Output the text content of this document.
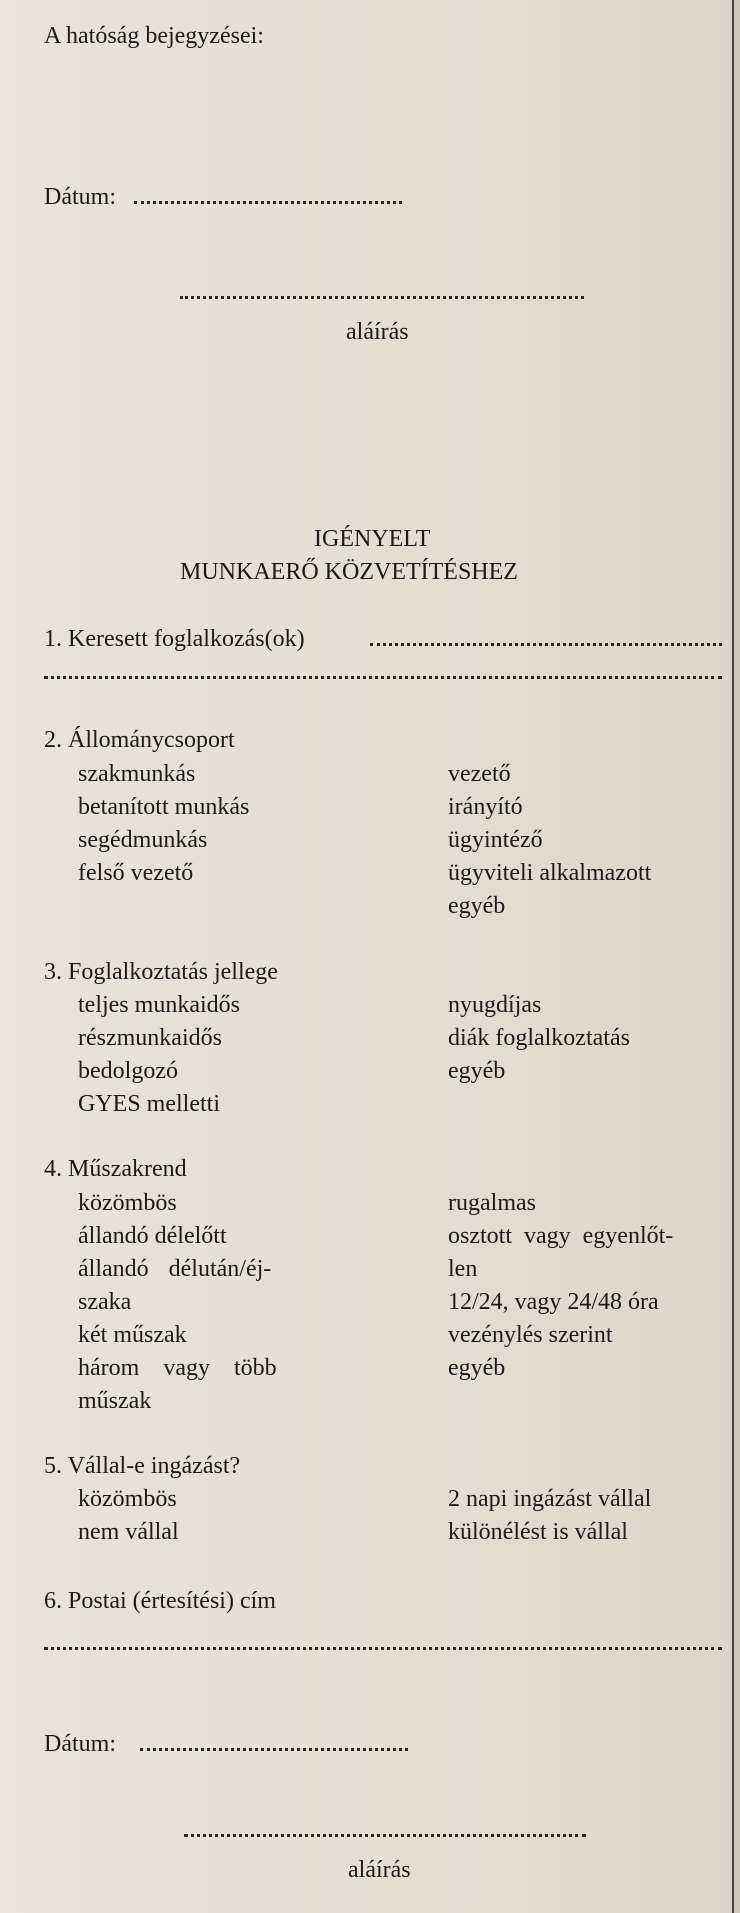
A hatóság bejegyzései:
Dátum:
aláírás
IGÉNYELT
MUNKAERŐ KÖZVETÍTÉSHEZ
1. Keresett foglalkozás(ok)
2. Állománycsoport
szakmunkás
betanított munkás
segédmunkás
felső vezető
vezető
irányító
ügyintéző
ügyviteli alkalmazott
egyéb
3. Foglalkoztatás jellege
teljes munkaidős
részmunkaidős
bedolgozó
GYES melletti
nyugdíjas
diák foglalkoztatás
egyéb
4. Műszakrend
közömbös
állandó délelőtt
állandó délután/éj-
szaka
két műszak
három vagy több
műszak
rugalmas
osztott vagy egyenlőt-
len
12/24, vagy 24/48 óra
vezénylés szerint
egyéb
5. Vállal-e ingázást?
közömbös
nem vállal
2 napi ingázást vállal
különélést is vállal
6. Postai (értesítési) cím
Dátum:
aláírás
